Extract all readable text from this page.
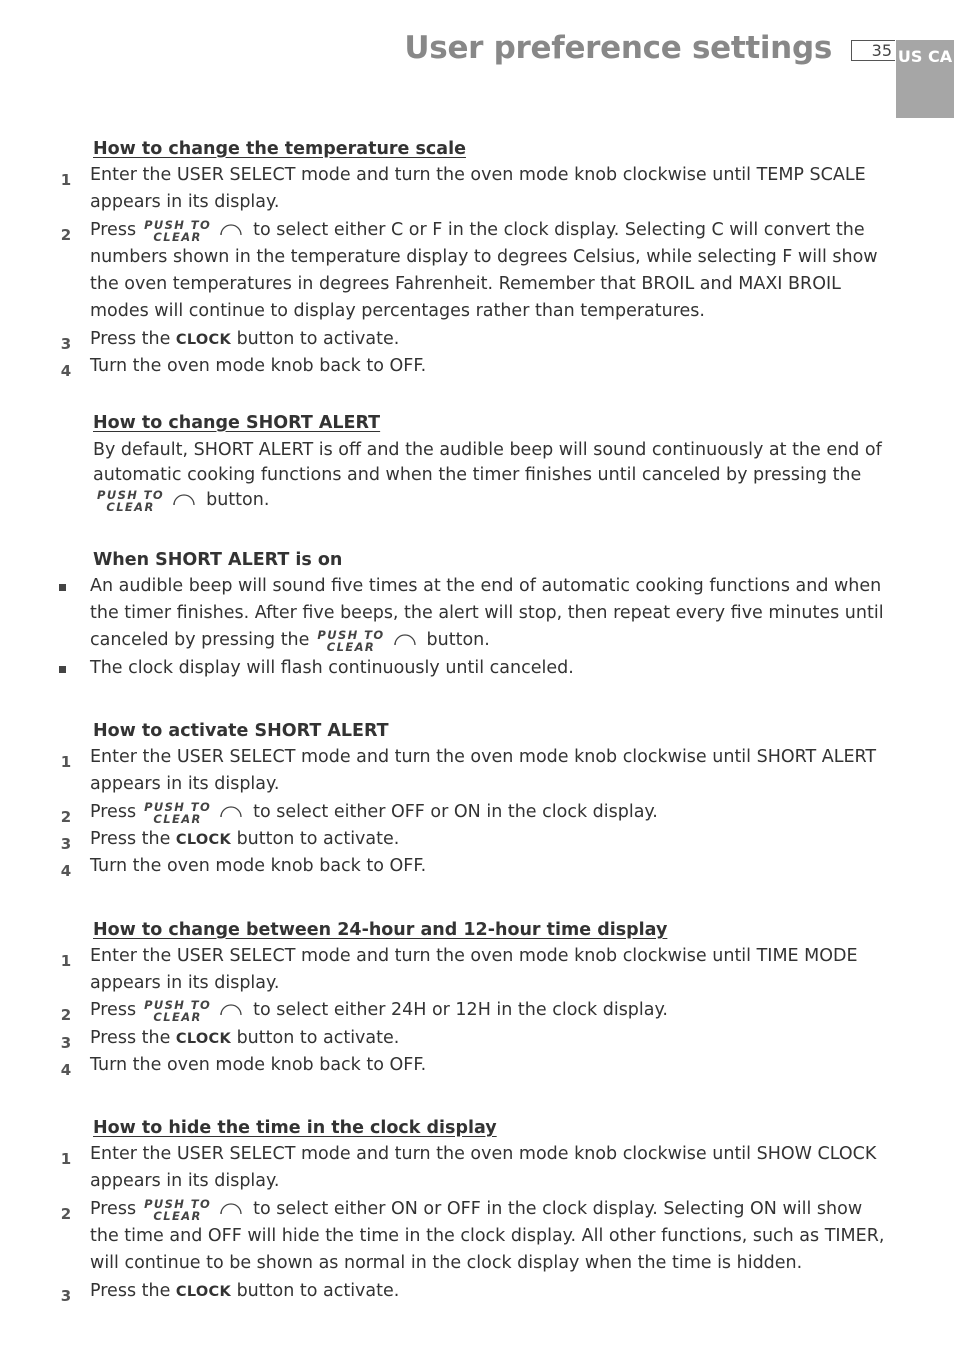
User preference settings	35 US CA
How to change the temperature scale
1 Enter the USER SELECT mode and turn the oven mode knob clockwise until TEMP SCALE appears in its display.
2 Press PUSH TO
CLEAR	to select either C or F in the clock display. Selecting C will convert the numbers shown in the temperature display to degrees Celsius, while selecting F will show the oven temperatures in degrees Fahrenheit. Remember that BROIL and MAXI BROIL modes will continue to display percentages rather than temperatures.
3 Press the CLOCK button to activate.
4 Turn the oven mode knob back to OFF.
How to change SHORT ALERT
By default, SHORT ALERT is off and the audible beep will sound continuously at the end of automatic cooking functions and when the timer finishes until canceled by pressing the

PUSH TO
CLEAR	button.
When SHORT ALERT is on
An audible beep will sound five times at the end of automatic cooking functions and when the timer finishes. After five beeps, the alert will stop, then repeat every five minutes until canceled by pressing the PUSH TO
CLEAR	button.
The clock display will flash continuously until canceled.
How to activate SHORT ALERT
1 Enter the USER SELECT mode and turn the oven mode knob clockwise until SHORT ALERT appears in its display.
2 Press PUSH TO
CLEAR	to select either OFF or ON in the clock display.
3 Press the CLOCK button to activate.
4 Turn the oven mode knob back to OFF.
How to change between 24-hour and 12-hour time display
1 Enter the USER SELECT mode and turn the oven mode knob clockwise until TIME MODE appears in its display.
2 Press PUSH TO
CLEAR	to select either 24H or 12H in the clock display.
3 Press the CLOCK button to activate.
4 Turn the oven mode knob back to OFF.
How to hide the time in the clock display
1 Enter the USER SELECT mode and turn the oven mode knob clockwise until SHOW CLOCK appears in its display.
2 Press PUSH TO
CLEAR	to select either ON or OFF in the clock display. Selecting ON will show the time and OFF will hide the time in the clock display. All other functions, such as TIMER, will continue to be shown as normal in the clock display when the time is hidden.
3 Press the CLOCK button to activate.
